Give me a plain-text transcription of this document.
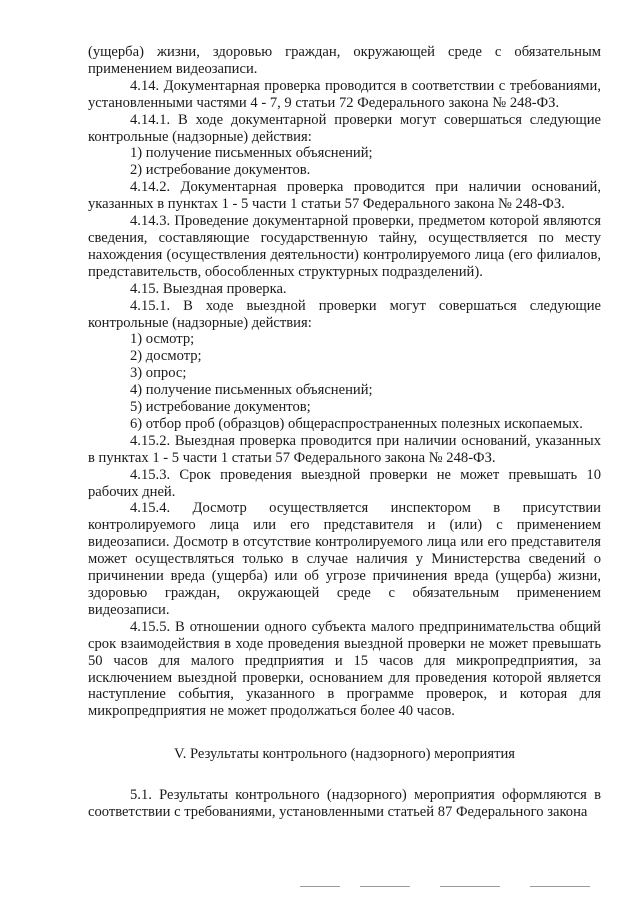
(ущерба) жизни, здоровью граждан, окружающей среде с обязательным применением видеозаписи.

4.14. Документарная проверка проводится в соответствии с требованиями, установленными частями 4 - 7, 9 статьи 72 Федерального закона № 248-ФЗ.

4.14.1. В ходе документарной проверки могут совершаться следующие контрольные (надзорные) действия:

1) получение письменных объяснений;

2) истребование документов.

4.14.2. Документарная проверка проводится при наличии оснований, указанных в пунктах 1 - 5 части 1 статьи 57 Федерального закона № 248-ФЗ.

4.14.3. Проведение документарной проверки, предметом которой являются сведения, составляющие государственную тайну, осуществляется по месту нахождения (осуществления деятельности) контролируемого лица (его филиалов, представительств, обособленных структурных подразделений).

4.15. Выездная проверка.

4.15.1. В ходе выездной проверки могут совершаться следующие контрольные (надзорные) действия:

1) осмотр;

2) досмотр;

3) опрос;

4) получение письменных объяснений;

5) истребование документов;

6) отбор проб (образцов) общераспространенных полезных ископаемых.

4.15.2. Выездная проверка проводится при наличии оснований, указанных в пунктах 1 - 5 части 1 статьи 57 Федерального закона № 248-ФЗ.

4.15.3. Срок проведения выездной проверки не может превышать 10 рабочих дней.

4.15.4. Досмотр осуществляется инспектором в присутствии контролируемого лица или его представителя и (или) с применением видеозаписи. Досмотр в отсутствие контролируемого лица или его представителя может осуществляться только в случае наличия у Министерства сведений о причинении вреда (ущерба) или об угрозе причинения вреда (ущерба) жизни, здоровью граждан, окружающей среде с обязательным применением видеозаписи.

4.15.5. В отношении одного субъекта малого предпринимательства общий срок взаимодействия в ходе проведения выездной проверки не может превышать 50 часов для малого предприятия и 15 часов для микропредприятия, за исключением выездной проверки, основанием для проведения которой является наступление события, указанного в программе проверок, и которая для микропредприятия не может продолжаться более 40 часов.

V. Результаты контрольного (надзорного) мероприятия

5.1. Результаты контрольного (надзорного) мероприятия оформляются в соответствии с требованиями, установленными статьей 87 Федерального закона
